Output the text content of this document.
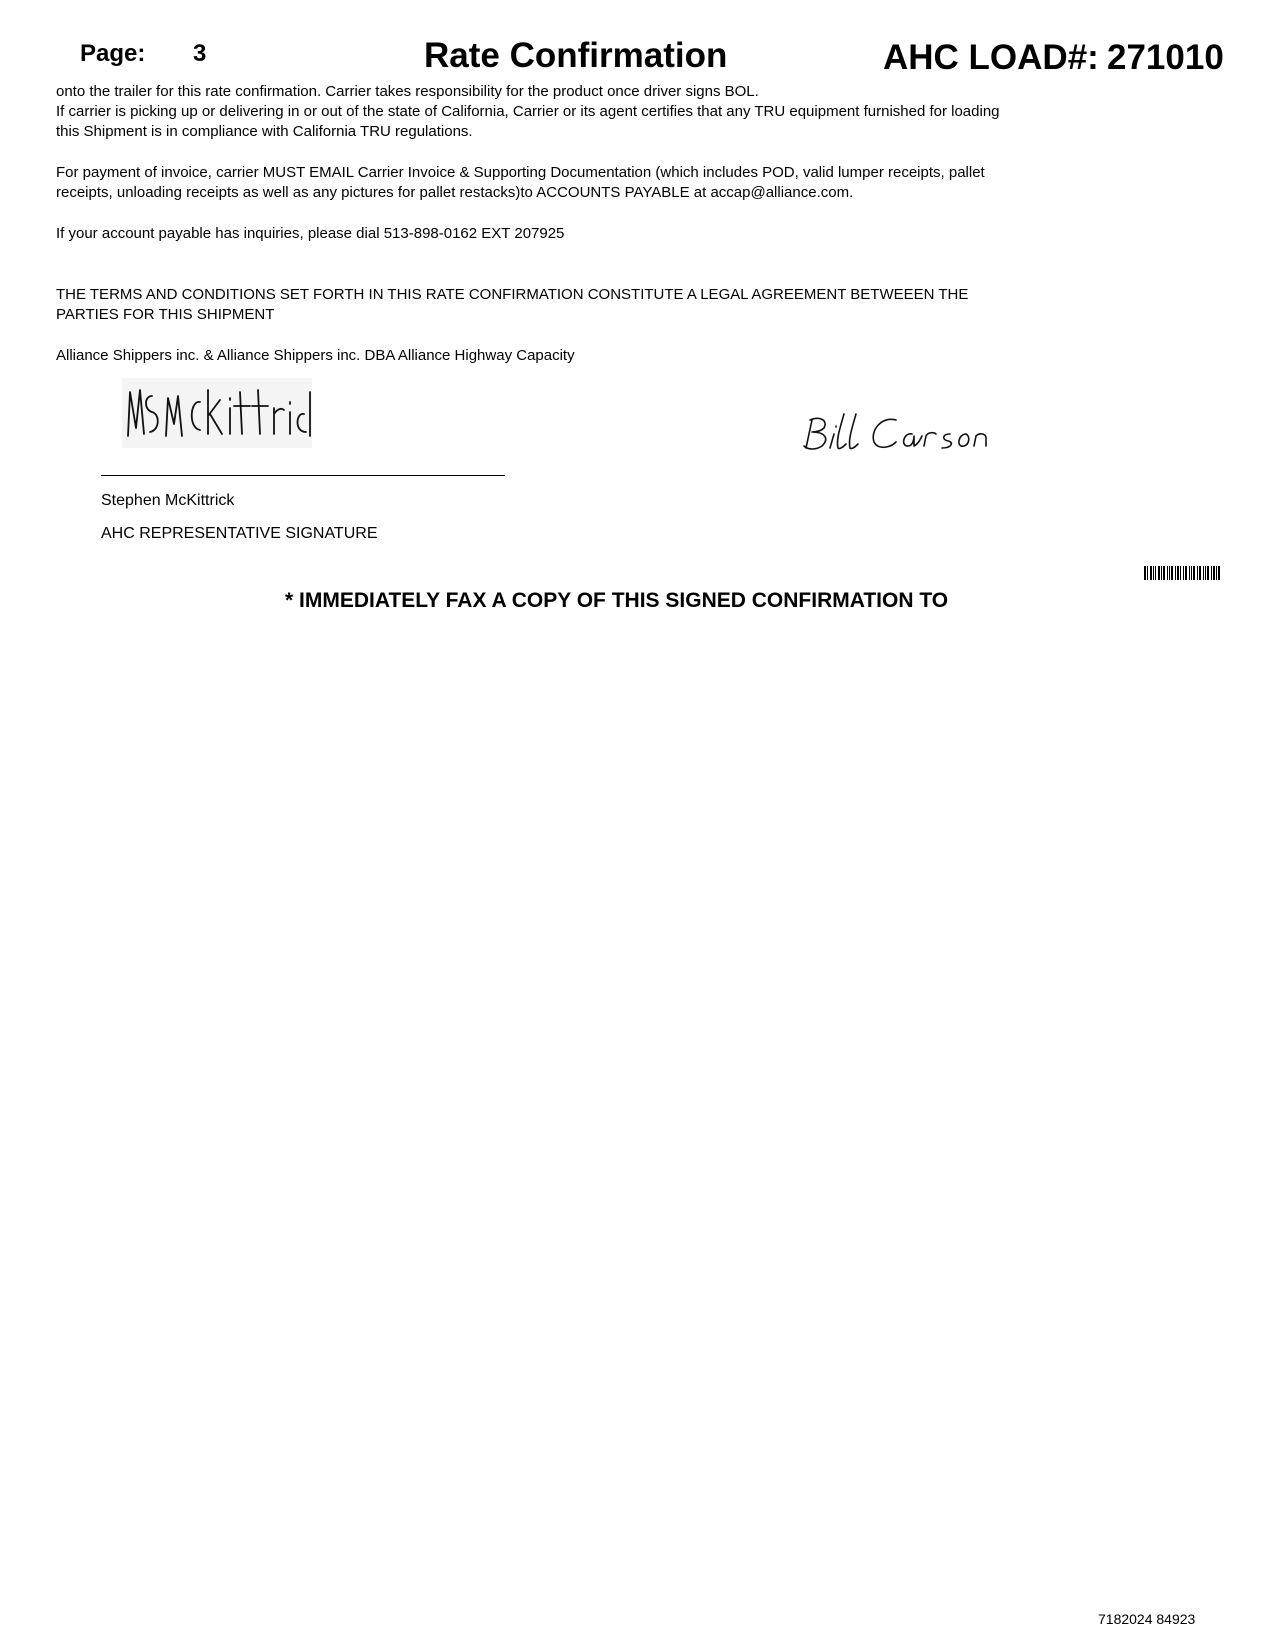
Page: 3	Rate Confirmation	AHC LOAD#: 271010
onto the trailer for this rate confirmation. Carrier takes responsibility for the product once driver signs BOL.
If carrier is picking up or delivering in or out of the state of California, Carrier or its agent certifies that any TRU equipment furnished for loading
this Shipment is in compliance with California TRU regulations.
For payment of invoice, carrier MUST EMAIL Carrier Invoice & Supporting Documentation (which includes POD, valid lumper receipts, pallet
receipts, unloading receipts as well as any pictures for pallet restacks)to ACCOUNTS PAYABLE at accap@alliance.com.
If your account payable has inquiries, please dial 513-898-0162 EXT 207925
THE TERMS AND CONDITIONS SET FORTH IN THIS RATE CONFIRMATION CONSTITUTE A LEGAL AGREEMENT BETWEEEN THE
PARTIES FOR THIS SHIPMENT
Alliance Shippers inc. & Alliance Shippers inc. DBA Alliance Highway Capacity
Stephen McKittrick
AHC REPRESENTATIVE SIGNATURE
* IMMEDIATELY FAX A COPY OF THIS SIGNED CONFIRMATION TO
7182024 84923
